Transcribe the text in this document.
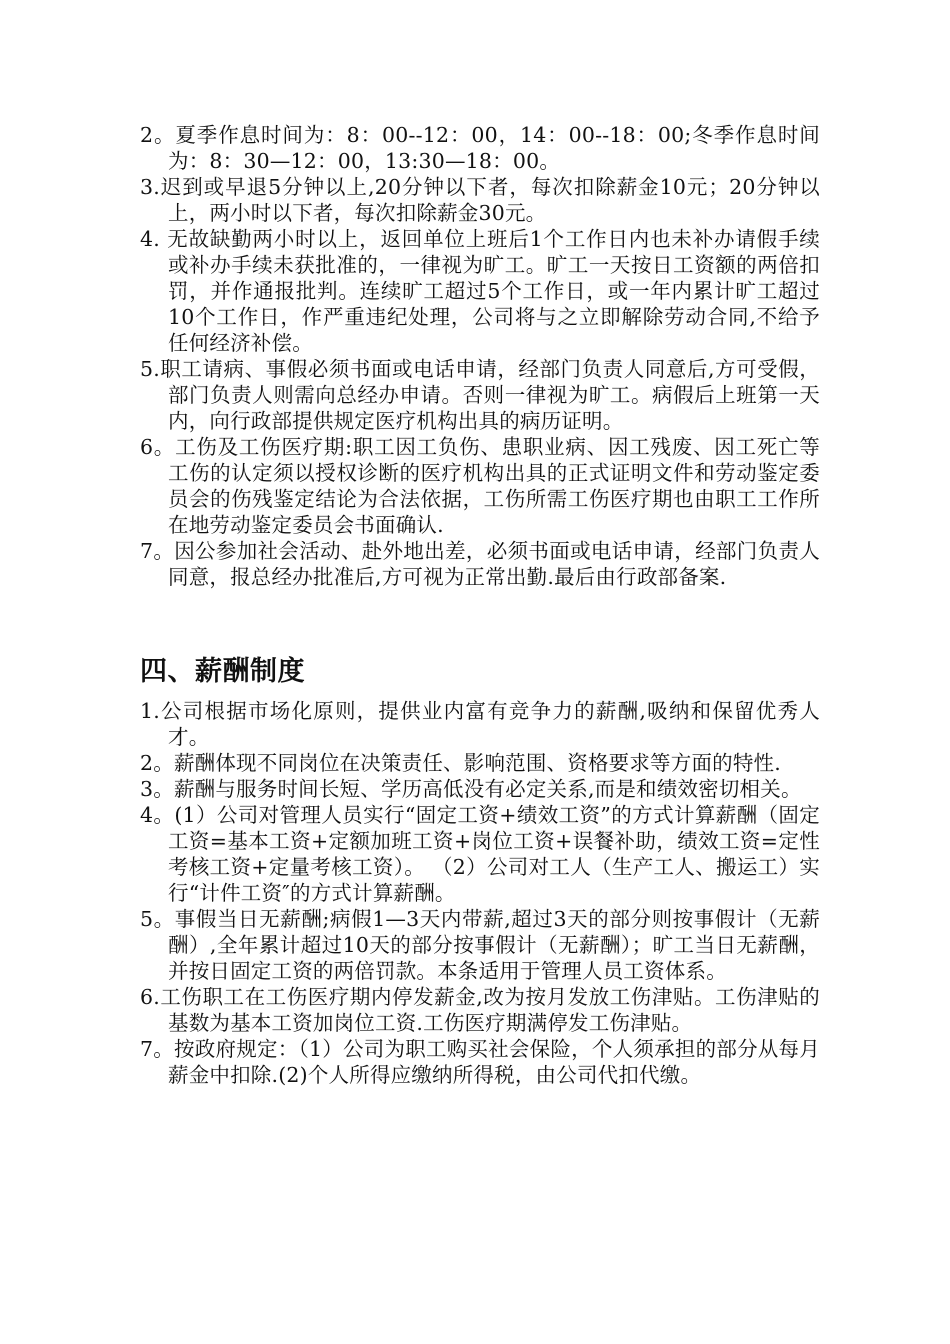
2。夏季作息时间为：8：00--12：00，14：00--18：00;冬季作息时间为：8：30—12：00，13:30—18：00。

3.迟到或早退5分钟以上,20分钟以下者，每次扣除薪金10元；20分钟以上，两小时以下者，每次扣除薪金30元。

4. 无故缺勤两小时以上，返回单位上班后1个工作日内也未补办请假手续或补办手续未获批准的，一律视为旷工。旷工一天按日工资额的两倍扣罚，并作通报批判。连续旷工超过5个工作日，或一年内累计旷工超过10个工作日，作严重违纪处理，公司将与之立即解除劳动合同,不给予任何经济补偿。

5.职工请病、事假必须书面或电话申请，经部门负责人同意后,方可受假，部门负责人则需向总经办申请。否则一律视为旷工。病假后上班第一天内，向行政部提供规定医疗机构出具的病历证明。

6。工伤及工伤医疗期:职工因工负伤、患职业病、因工残废、因工死亡等工伤的认定须以授权诊断的医疗机构出具的正式证明文件和劳动鉴定委员会的伤残鉴定结论为合法依据，工伤所需工伤医疗期也由职工工作所在地劳动鉴定委员会书面确认.

7。因公参加社会活动、赴外地出差，必须书面或电话申请，经部门负责人同意，报总经办批准后,方可视为正常出勤.最后由行政部备案.

四、薪酬制度

1.公司根据市场化原则，提供业内富有竞争力的薪酬,吸纳和保留优秀人才。

2。薪酬体现不同岗位在决策责任、影响范围、资格要求等方面的特性.

3。薪酬与服务时间长短、学历高低没有必定关系,而是和绩效密切相关。

4。(1）公司对管理人员实行“固定工资+绩效工资”的方式计算薪酬（固定工资=基本工资+定额加班工资+岗位工资+误餐补助，绩效工资=定性考核工资+定量考核工资）。 （2）公司对工人（生产工人、搬运工）实行“计件工资″的方式计算薪酬。

5。事假当日无薪酬;病假1—3天内带薪,超过3天的部分则按事假计（无薪酬）,全年累计超过10天的部分按事假计（无薪酬）；旷工当日无薪酬，并按日固定工资的两倍罚款。本条适用于管理人员工资体系。

6.工伤职工在工伤医疗期内停发薪金,改为按月发放工伤津贴。工伤津贴的基数为基本工资加岗位工资.工伤医疗期满停发工伤津贴。

7。按政府规定：（1）公司为职工购买社会保险，个人须承担的部分从每月薪金中扣除.(2)个人所得应缴纳所得税，由公司代扣代缴。
